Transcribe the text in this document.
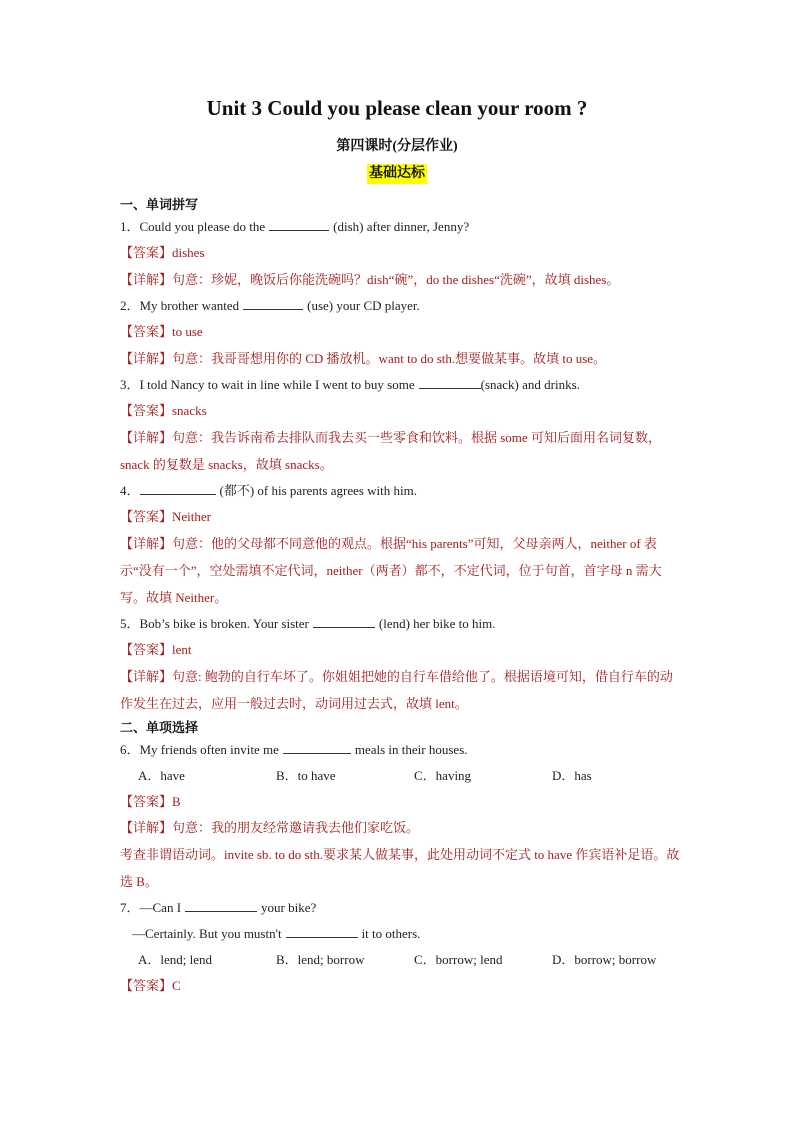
Unit 3 Could you please clean your room ?
第四课时(分层作业)
基础达标
一、单词拼写
1．Could you please do the	(dish) after dinner, Jenny?
【答案】dishes
【详解】句意：珍妮，晚饭后你能洗碗吗？dish“碗”，do the dishes“洗碗”，故填 dishes。
2．My brother wanted	(use) your CD player.
【答案】to use
【详解】句意：我哥哥想用你的 CD 播放机。want to do sth.想要做某事。故填 to use。
3．I told Nancy to wait in line while I went to buy some	(snack) and drinks.
【答案】snacks
【详解】句意：我告诉南希去排队而我去买一些零食和饮料。根据 some 可知后面用名词复数，snack 的复数是 snacks，故填 snacks。
4．	(都不) of his parents agrees with him.
【答案】Neither
【详解】句意：他的父母都不同意他的观点。根据“his parents”可知，父母亲两人，neither of 表示“没有一个”，空处需填不定代词，neither（两者）都不，不定代词，位于句首，首字母 n 需大写。故填 Neither。
5．Bob’s bike is broken. Your sister	(lend) her bike to him.
【答案】lent
【详解】句意: 鲍勃的自行车坏了。你姐姐把她的自行车借给他了。根据语境可知，借自行车的动作发生在过去，应用一般过去时，动词用过去式，故填 lent。
二、单项选择
6．My friends often invite me	meals in their houses.
A．have	B．to have	C．having	D．has
【答案】B
【详解】句意：我的朋友经常邀请我去他们家吃饭。
考查非谓语动词。invite sb. to do sth.要求某人做某事，此处用动词不定式 to have 作宾语补足语。故选 B。
7．—Can I	your bike?
—Certainly. But you mustn't	it to others.
A．lend; lend	B．lend; borrow	C．borrow; lend	D．borrow; borrow
【答案】C
